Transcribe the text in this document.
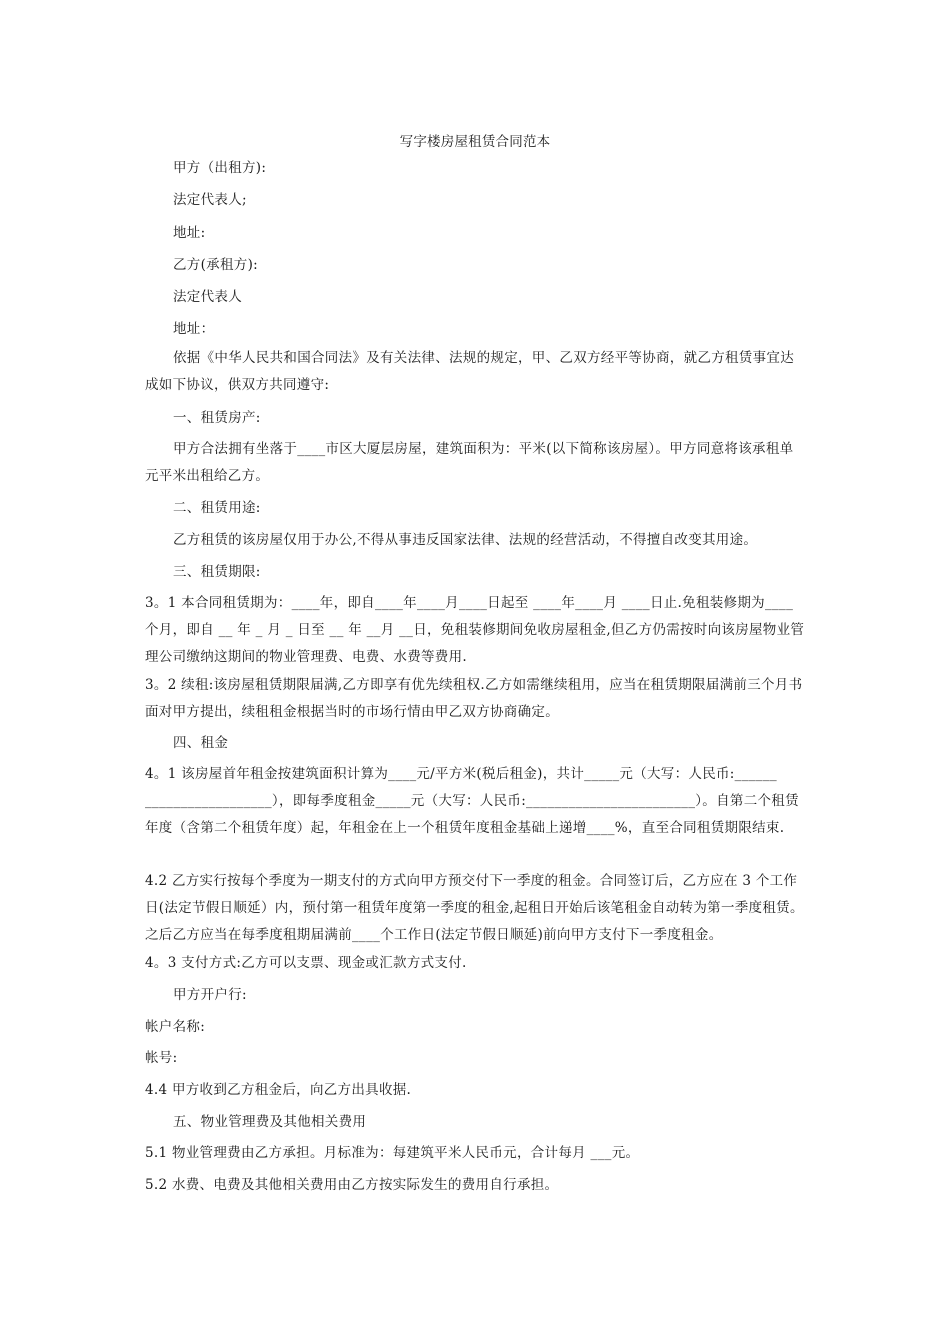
写字楼房屋租赁合同范本
甲方（出租方):
法定代表人;
地址:
乙方(承租方):
法定代表人
地址：
依据《中华人民共和国合同法》及有关法律、法规的规定，甲、乙双方经平等协商，就乙方租赁事宜达成如下协议，供双方共同遵守:
一、租赁房产:
甲方合法拥有坐落于____市区大厦层房屋，建筑面积为：平米(以下简称该房屋）。甲方同意将该承租单元平米出租给乙方。
二、租赁用途:
乙方租赁的该房屋仅用于办公,不得从事违反国家法律、法规的经营活动，不得擅自改变其用途。
三、租赁期限:
3。1 本合同租赁期为：____年，即自____年____月____日起至 ____年____月 ____日止.免租装修期为____个月，即自 __ 年 _ 月 _ 日至 __ 年 __月 __日，免租装修期间免收房屋租金,但乙方仍需按时向该房屋物业管理公司缴纳这期间的物业管理费、电费、水费等费用.
3。2 续租:该房屋租赁期限届满,乙方即享有优先续租权.乙方如需继续租用，应当在租赁期限届满前三个月书面对甲方提出，续租租金根据当时的市场行情由甲乙双方协商确定。
四、租金
4。1 该房屋首年租金按建筑面积计算为____元/平方米(税后租金)，共计_____元（大写：人民币:______ __________________），即每季度租金_____元（大写：人民币:________________________）。自第二个租赁年度（含第二个租赁年度）起，年租金在上一个租赁年度租金基础上递增____%，直至合同租赁期限结束.
4.2 乙方实行按每个季度为一期支付的方式向甲方预交付下一季度的租金。合同签订后，乙方应在 3 个工作日(法定节假日顺延）内，预付第一租赁年度第一季度的租金,起租日开始后该笔租金自动转为第一季度租赁。之后乙方应当在每季度租期届满前____个工作日(法定节假日顺延)前向甲方支付下一季度租金。
4。3 支付方式:乙方可以支票、现金或汇款方式支付.
甲方开户行:
帐户名称:
帐号:
4.4 甲方收到乙方租金后，向乙方出具收据.
五、物业管理费及其他相关费用
5.1 物业管理费由乙方承担。月标准为：每建筑平米人民币元，合计每月 ___元。
5.2 水费、电费及其他相关费用由乙方按实际发生的费用自行承担。
